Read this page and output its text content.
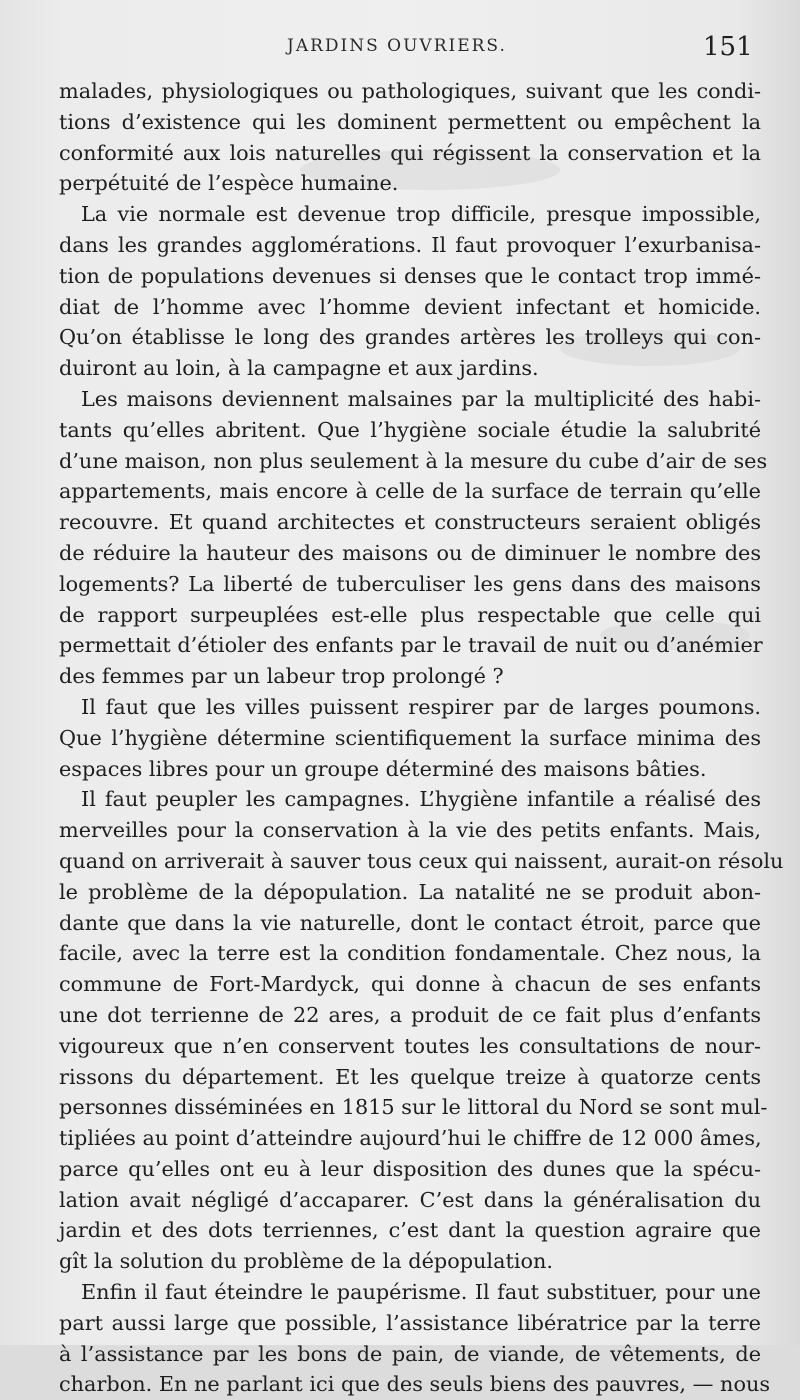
JARDINS OUVRIERS.	151
malades, physiologiques ou pathologiques, suivant que les condi-
tions d’existence qui les dominent permettent ou empêchent la
conformité aux lois naturelles qui régissent la conservation et la
perpétuité de l’espèce humaine.
La vie normale est devenue trop difficile, presque impossible,
dans les grandes agglomérations. Il faut provoquer l’exurbanisa-
tion de populations devenues si denses que le contact trop immé-
diat de l’homme avec l’homme devient infectant et homicide.
Qu’on établisse le long des grandes artères les trolleys qui con-
duiront au loin, à la campagne et aux jardins.
Les maisons deviennent malsaines par la multiplicité des habi-
tants qu’elles abritent. Que l’hygiène sociale étudie la salubrité
d’une maison, non plus seulement à la mesure du cube d’air de ses
appartements, mais encore à celle de la surface de terrain qu’elle
recouvre. Et quand architectes et constructeurs seraient obligés
de réduire la hauteur des maisons ou de diminuer le nombre des
logements? La liberté de tuberculiser les gens dans des maisons
de rapport surpeuplées est-elle plus respectable que celle qui
permettait d’étioler des enfants par le travail de nuit ou d’anémier
des femmes par un labeur trop prolongé ?
Il faut que les villes puissent respirer par de larges poumons.
Que l’hygiène détermine scientifiquement la surface minima des
espaces libres pour un groupe déterminé des maisons bâties.
Il faut peupler les campagnes. L’hygiène infantile a réalisé des
merveilles pour la conservation à la vie des petits enfants. Mais,
quand on arriverait à sauver tous ceux qui naissent, aurait-on résolu
le problème de la dépopulation. La natalité ne se produit abon-
dante que dans la vie naturelle, dont le contact étroit, parce que
facile, avec la terre est la condition fondamentale. Chez nous, la
commune de Fort-Mardyck, qui donne à chacun de ses enfants
une dot terrienne de 22 ares, a produit de ce fait plus d’enfants
vigoureux que n’en conservent toutes les consultations de nour-
rissons du département. Et les quelque treize à quatorze cents
personnes disséminées en 1815 sur le littoral du Nord se sont mul-
tipliées au point d’atteindre aujourd’hui le chiffre de 12 000 âmes,
parce qu’elles ont eu à leur disposition des dunes que la spécu-
lation avait négligé d’accaparer. C’est dans la généralisation du
jardin et des dots terriennes, c’est dant la question agraire que
gît la solution du problème de la dépopulation.
Enfin il faut éteindre le paupérisme. Il faut substituer, pour une
part aussi large que possible, l’assistance libératrice par la terre
à l’assistance par les bons de pain, de viande, de vêtements, de
charbon. En ne parlant ici que des seuls biens des pauvres, — nous
